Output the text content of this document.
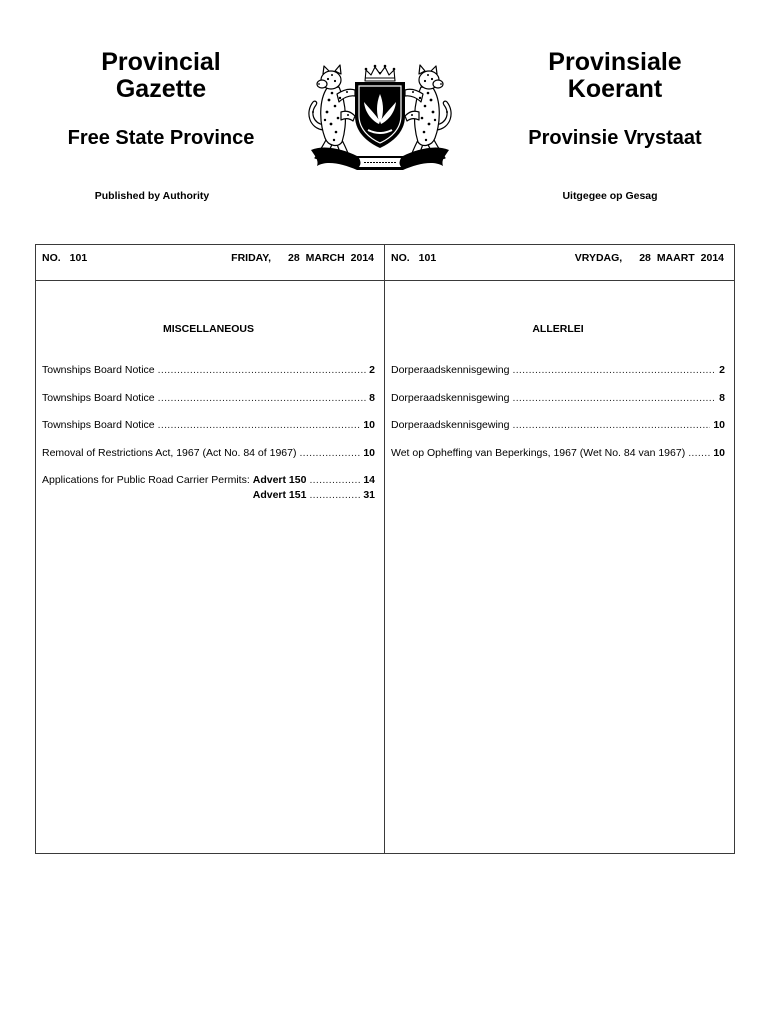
Provincial
Gazette
Free State Province
Published by Authority
Provinsiale
Koerant
Provinsie Vrystaat
Uitgegee op Gesag
NO. 101	FRIDAY, 28 MARCH 2014
MISCELLANEOUS
Townships Board Notice .....	2
Townships Board Notice .....	8
Townships Board Notice .....	10
Removal of Restrictions Act, 1967 (Act No. 84 of 1967) .....	10
Applications for Public Road Carrier Permits: Advert 150 .....	14
Advert 151 .....	31
NO. 101	VRYDAG, 28 MAART 2014
ALLERLEI
Dorperaadskennisgewing .....	2
Dorperaadskennisgewing .....	8
Dorperaadskennisgewing .....	10
Wet op Opheffing van Beperkings, 1967 (Wet No. 84 van 1967) .....	10
